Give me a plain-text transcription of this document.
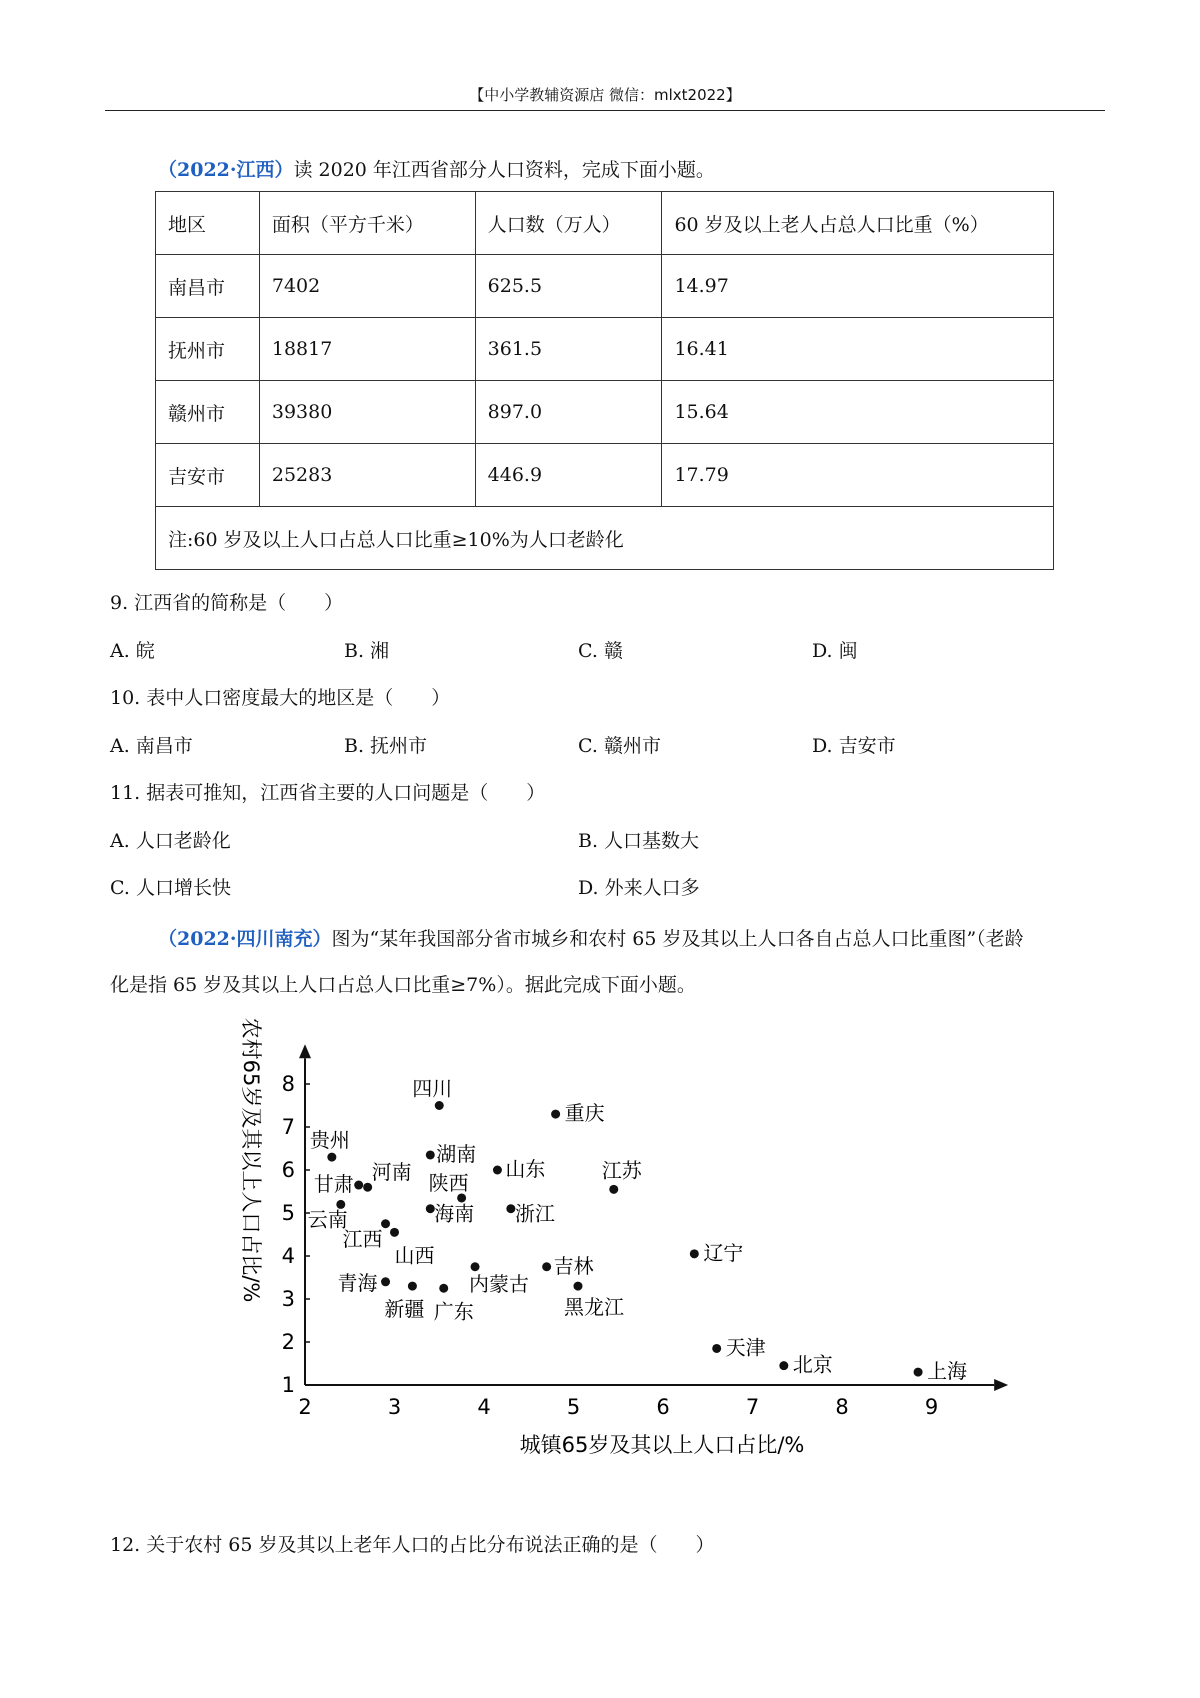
【中小学教辅资源店 微信：mlxt2022】
（2022·江西）读 2020 年江西省部分人口资料，完成下面小题。
地区	面积（平方千米）	人口数（万人）	60 岁及以上老人占总人口比重（%）
南昌市	7402	625.5	14.97
抚州市	18817	361.5	16.41
赣州市	39380	897.0	15.64
吉安市	25283	446.9	17.79
注:60 岁及以上人口占总人口比重≥10%为人口老龄化			
9. 江西省的简称是（　　）
A. 皖	B. 湘	C. 赣	D. 闽
10. 表中人口密度最大的地区是（　　）
A. 南昌市	B. 抚州市	C. 赣州市	D. 吉安市
11. 据表可推知，江西省主要的人口问题是（　　）
A. 人口老龄化	B. 人口基数大
C. 人口增长快	D. 外来人口多
（2022·四川南充）图为“某年我国部分省市城乡和农村 65 岁及其以上人口各自占总人口比重图”（老龄
化是指 65 岁及其以上人口占总人口比重≥7%）。据此完成下面小题。
2	3	4	5	6	7	8	9
1
2
3
4
5
6
7
8	四川
重庆
贵州
湖南
山东
甘肃 河南	江苏
陕西
云南	海南 浙江
江西
山西	辽宁
吉林
内蒙古
青海
黑龙江
新疆 广东
天津
北京	上海
城镇65岁及其以上人口占比/%
农村65岁及其以上人口占比/%
12. 关于农村 65 岁及其以上老年人口的占比分布说法正确的是（　　）
